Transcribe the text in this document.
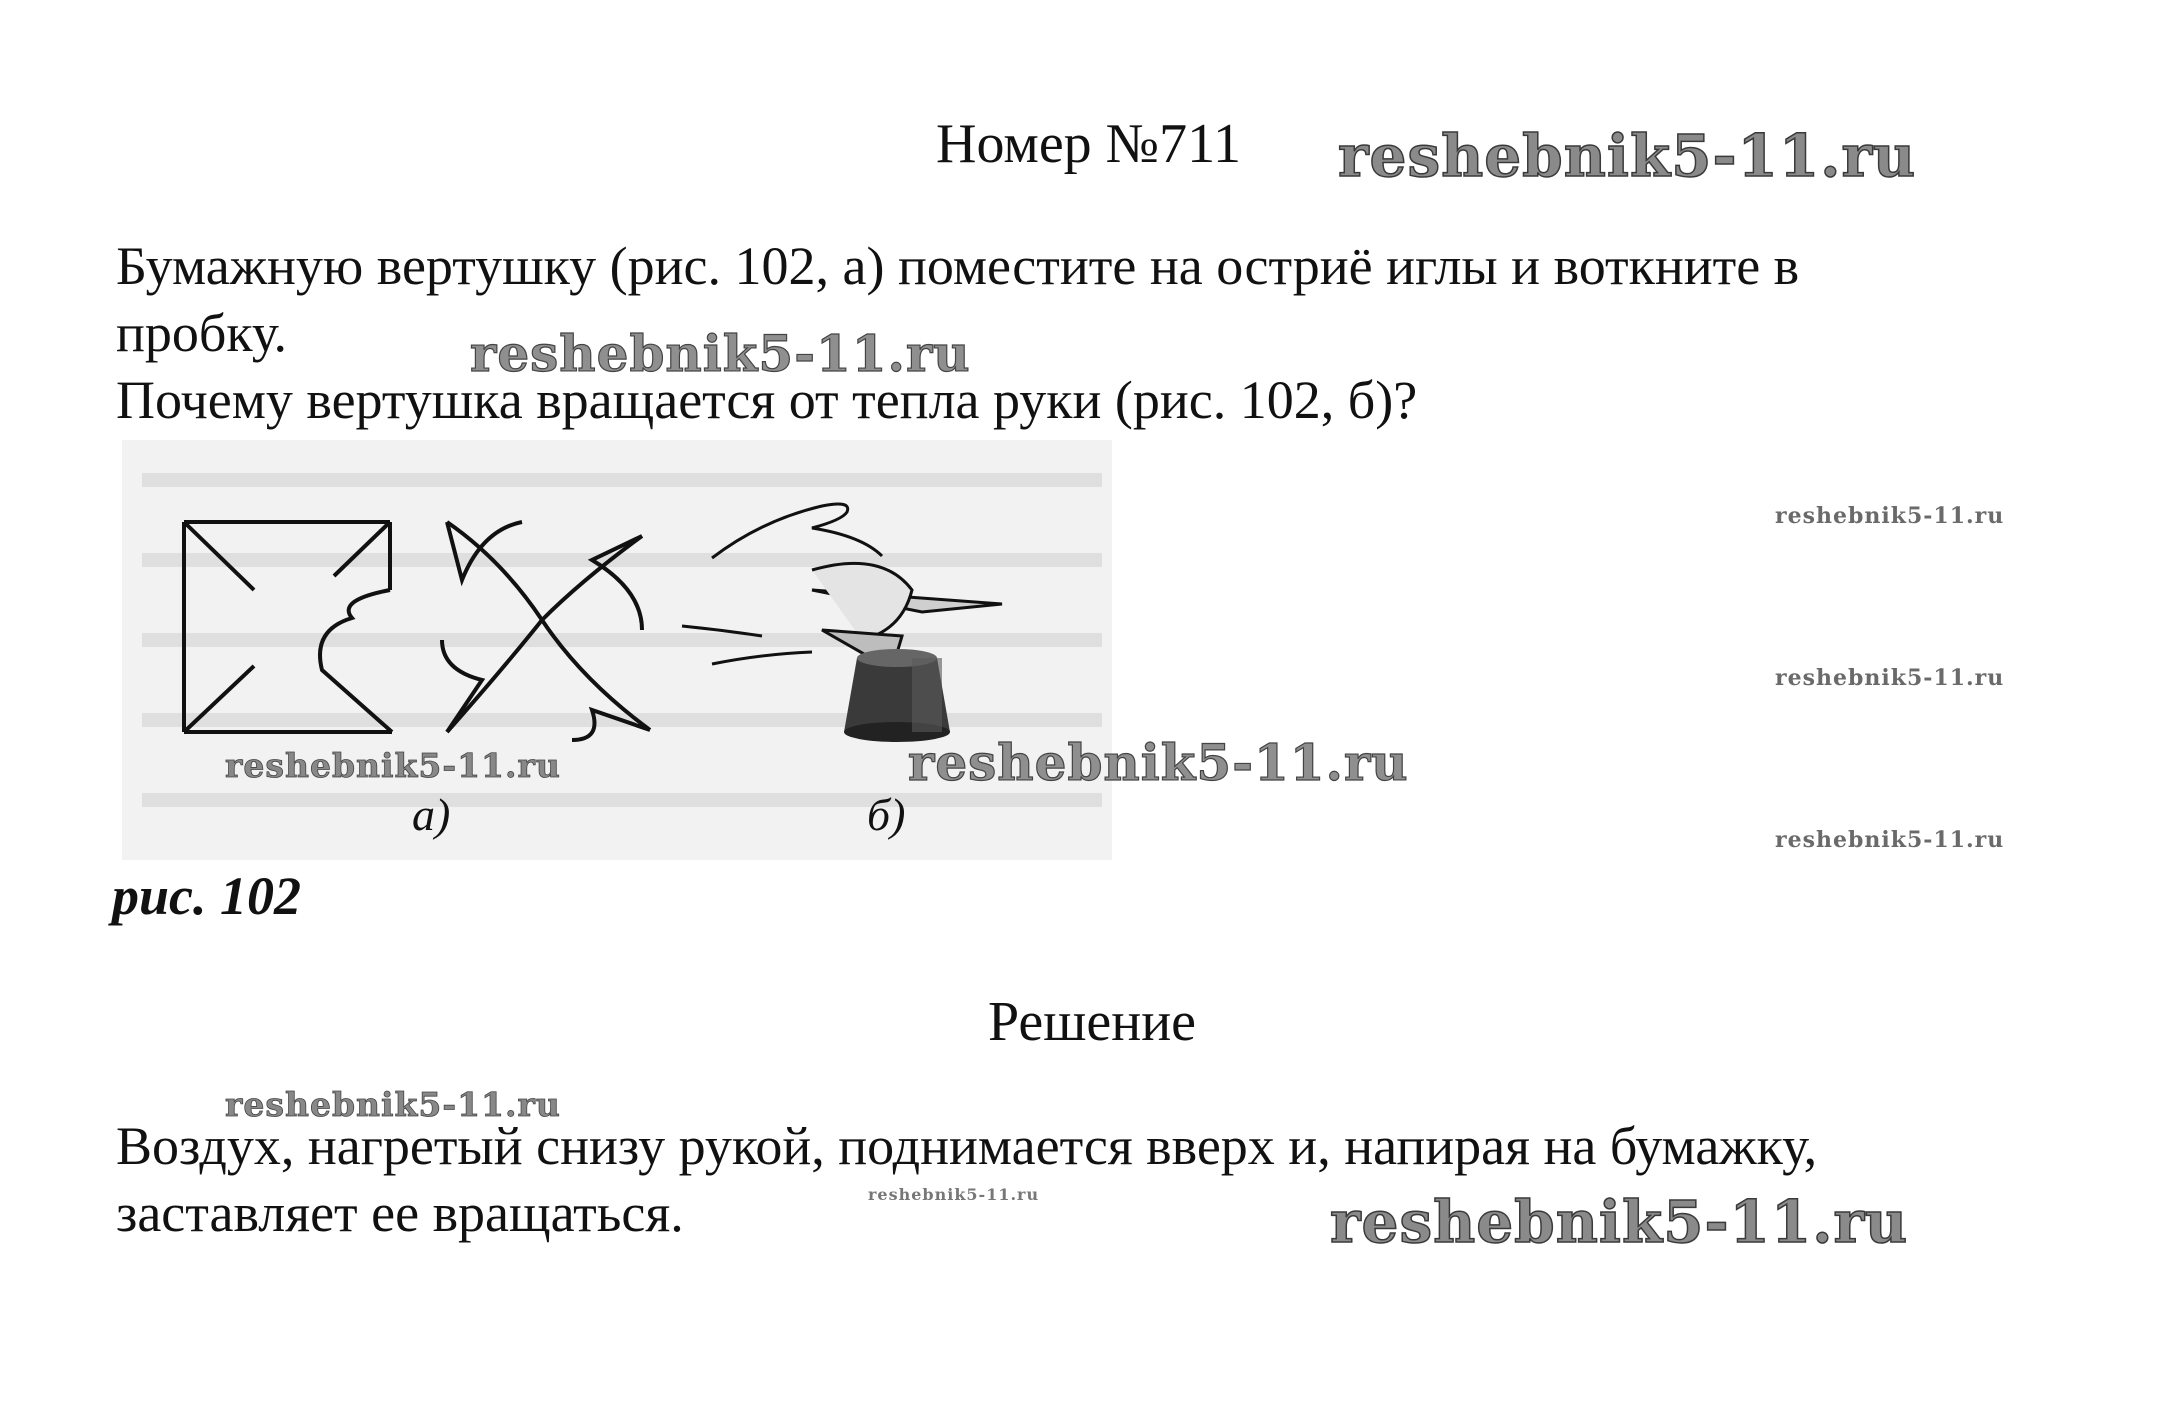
Номер №711 reshebnik5-11.ru
Бумажную вертушку (рис. 102, а) поместите на остриё иглы и воткните в
пробку.	reshebnik5-11.ru
Почему вертушка вращается от тепла руки (рис. 102, б)?
а)	б)
reshebnik5-11.ru	reshebnik5-11.ru
reshebnik5-11.ru
reshebnik5-11.ru
reshebnik5-11.ru
рис. 102
Решение
reshebnik5-11.ru
Воздух, нагретый снизу рукой, поднимается вверх и, напирая на бумажку,
заставляет ее вращаться.	reshebnik5-11.ru	reshebnik5-11.ru
